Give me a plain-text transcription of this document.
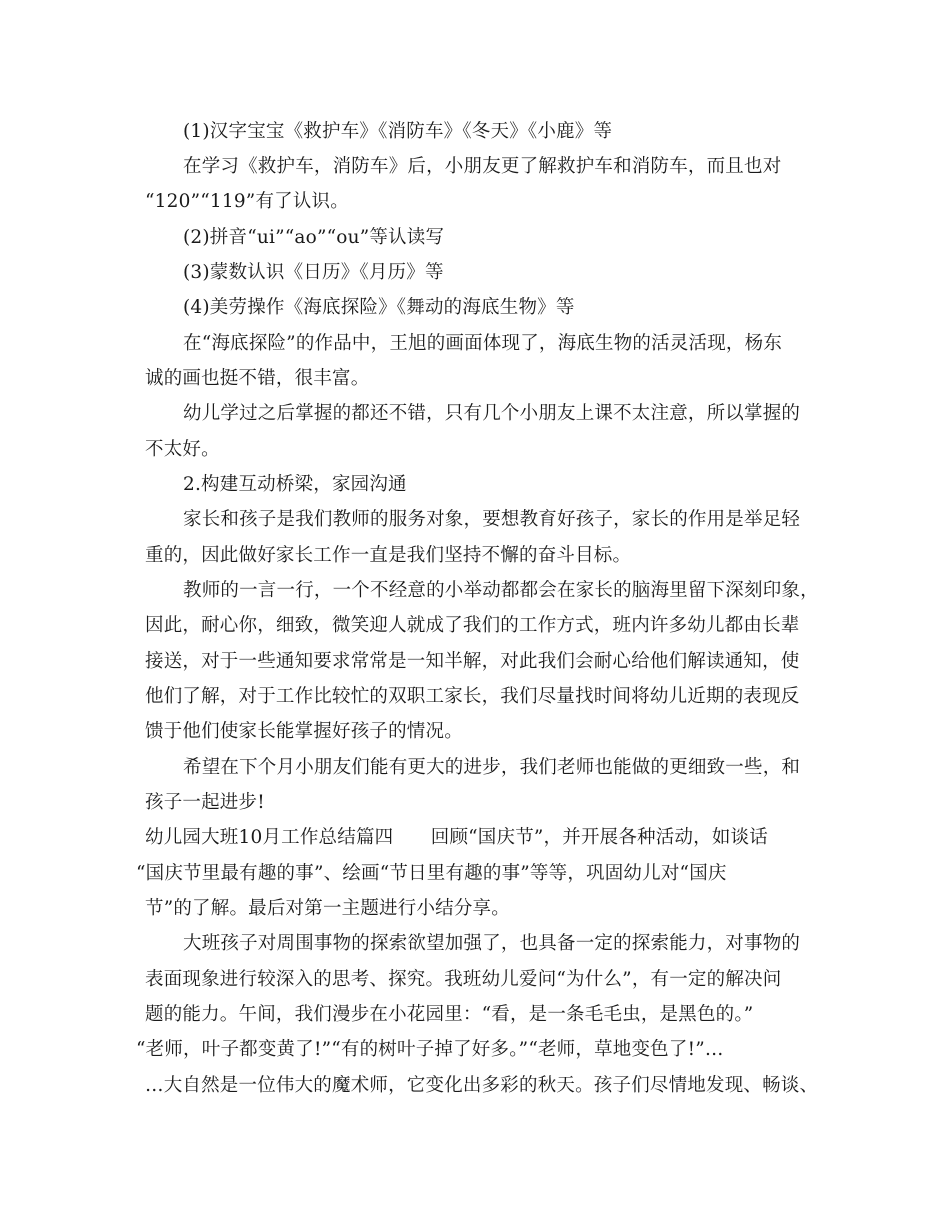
(1)汉字宝宝《救护车》《消防车》《冬天》《小鹿》等
在学习《救护车，消防车》后，小朋友更了解救护车和消防车，而且也对
“120”“119”有了认识。
(2)拼音“ui”“ao”“ou”等认读写
(3)蒙数认识《日历》《月历》等
(4)美劳操作《海底探险》《舞动的海底生物》等
在“海底探险”的作品中，王旭的画面体现了，海底生物的活灵活现，杨东
诚的画也挺不错，很丰富。
幼儿学过之后掌握的都还不错，只有几个小朋友上课不太注意，所以掌握的
不太好。
2.构建互动桥梁，家园沟通
家长和孩子是我们教师的服务对象，要想教育好孩子，家长的作用是举足轻
重的，因此做好家长工作一直是我们坚持不懈的奋斗目标。
教师的一言一行，一个不经意的小举动都都会在家长的脑海里留下深刻印象，
因此，耐心你，细致，微笑迎人就成了我们的工作方式，班内许多幼儿都由长辈
接送，对于一些通知要求常常是一知半解，对此我们会耐心给他们解读通知，使
他们了解，对于工作比较忙的双职工家长，我们尽量找时间将幼儿近期的表现反
馈于他们使家长能掌握好孩子的情况。
希望在下个月小朋友们能有更大的进步，我们老师也能做的更细致一些，和
孩子一起进步!
幼儿园大班10月工作总结篇四　　回顾“国庆节”，并开展各种活动，如谈话
“国庆节里最有趣的事”、绘画“节日里有趣的事”等等，巩固幼儿对“国庆
节”的了解。最后对第一主题进行小结分享。
大班孩子对周围事物的探索欲望加强了，也具备一定的探索能力，对事物的
表面现象进行较深入的思考、探究。我班幼儿爱问“为什么”，有一定的解决问
题的能力。午间，我们漫步在小花园里：“看，是一条毛毛虫，是黑色的。”
“老师，叶子都变黄了!”“有的树叶子掉了好多。”“老师，草地变色了!”…
…大自然是一位伟大的魔术师，它变化出多彩的秋天。孩子们尽情地发现、畅谈、
